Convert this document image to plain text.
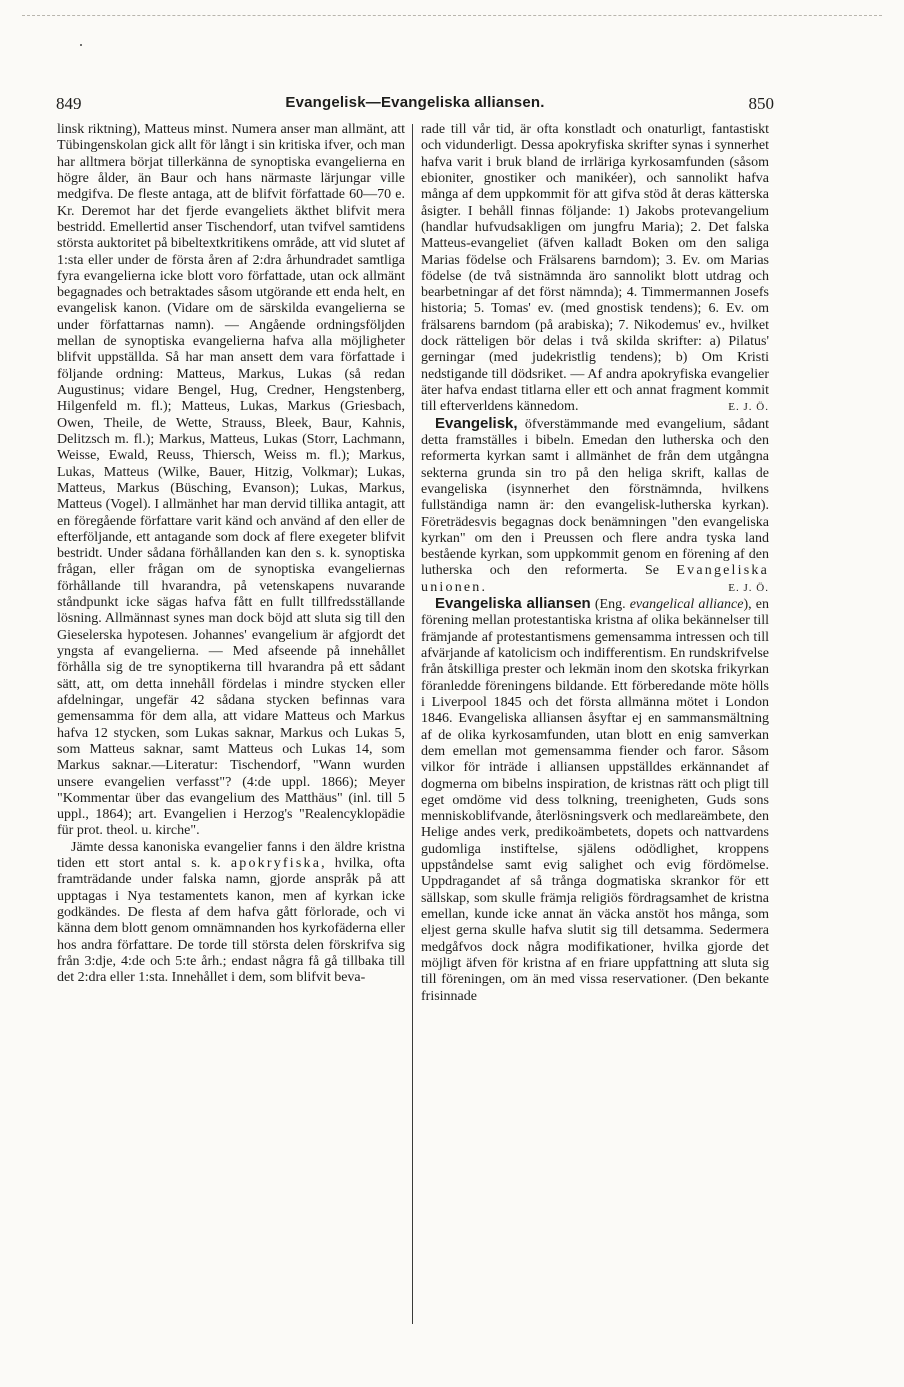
849	Evangelisk—Evangeliska alliansen.	850

linsk riktning), Matteus minst. Numera anser man allmänt, att Tübingenskolan gick allt för långt i sin kritiska ifver, och man har alltmera börjat tillerkänna de synoptiska evangelierna en högre ålder, än Baur och hans närmaste lärjungar ville medgifva. De fleste antaga, att de blifvit författade 60—70 e. Kr. Deremot har det fjerde evangeliets äkthet blifvit mera bestridd. Emellertid anser Tischendorf, utan tvifvel samtidens största auktoritet på bibeltextkritikens område, att vid slutet af 1:sta eller under de första åren af 2:dra århundradet samtliga fyra evangelierna icke blott voro författade, utan ock allmänt begagnades och betraktades såsom utgörande ett enda helt, en evangelisk kanon. (Vidare om de särskilda evangelierna se under författarnas namn). — Angående ordningsföljden mellan de synoptiska evangelierna hafva alla möjligheter blifvit uppställda. Så har man ansett dem vara författade i följande ordning: Matteus, Markus, Lukas (så redan Augustinus; vidare Bengel, Hug, Credner, Hengstenberg, Hilgenfeld m. fl.); Matteus, Lukas, Markus (Griesbach, Owen, Theile, de Wette, Strauss, Bleek, Baur, Kahnis, Delitzsch m. fl.); Markus, Matteus, Lukas (Storr, Lachmann, Weisse, Ewald, Reuss, Thiersch, Weiss m. fl.); Markus, Lukas, Matteus (Wilke, Bauer, Hitzig, Volkmar); Lukas, Matteus, Markus (Büsching, Evanson); Lukas, Markus, Matteus (Vogel). I allmänhet har man dervid tillika antagit, att en föregående författare varit känd och använd af den eller de efterföljande, ett antagande som dock af flere exegeter blifvit bestridt. Under sådana förhållanden kan den s. k. synoptiska frågan, eller frågan om de synoptiska evangeliernas förhållande till hvarandra, på vetenskapens nuvarande ståndpunkt icke sägas hafva fått en fullt tillfredsställande lösning. Allmännast synes man dock böjd att sluta sig till den Gieselerska hypotesen. Johannes' evangelium är afgjordt det yngsta af evangelierna. — Med afseende på innehållet förhålla sig de tre synoptikerna till hvarandra på ett sådant sätt, att, om detta innehåll fördelas i mindre stycken eller afdelningar, ungefär 42 sådana stycken befinnas vara gemensamma för dem alla, att vidare Matteus och Markus hafva 12 stycken, som Lukas saknar, Markus och Lukas 5, som Matteus saknar, samt Matteus och Lukas 14, som Markus saknar.—Literatur: Tischendorf, "Wann wurden unsere evangelien verfasst"? (4:de uppl. 1866); Meyer "Kommentar über das evangelium des Matthäus" (inl. till 5 uppl., 1864); art. Evangelien i Herzog's "Realencyklopädie für prot. theol. u. kirche".

Jämte dessa kanoniska evangelier fanns i den äldre kristna tiden ett stort antal s. k. apokryfiska, hvilka, ofta framträdande under falska namn, gjorde anspråk på att upptagas i Nya testamentets kanon, men af kyrkan icke godkändes. De flesta af dem hafva gått förlorade, och vi känna dem blott genom omnämnanden hos kyrkofäderna eller hos andra författare. De torde till största delen förskrifva sig från 3:dje, 4:de och 5:te årh.; endast några få gå tillbaka till det 2:dra eller 1:sta. Innehållet i dem, som blifvit beva-

rade till vår tid, är ofta konstladt och onaturligt, fantastiskt och vidunderligt. Dessa apokryfiska skrifter synas i synnerhet hafva varit i bruk bland de irrläriga kyrkosamfunden (såsom ebioniter, gnostiker och manikéer), och sannolikt hafva många af dem uppkommit för att gifva stöd åt deras kätterska åsigter. I behåll finnas följande: 1) Jakobs protevangelium (handlar hufvudsakligen om jungfru Maria); 2. Det falska Matteus-evangeliet (äfven kalladt Boken om den saliga Marias födelse och Frälsarens barndom); 3. Ev. om Marias födelse (de två sistnämnda äro sannolikt blott utdrag och bearbetningar af det först nämnda); 4. Timmermannen Josefs historia; 5. Tomas' ev. (med gnostisk tendens); 6. Ev. om frälsarens barndom (på arabiska); 7. Nikodemus' ev., hvilket dock rätteligen bör delas i två skilda skrifter: a) Pilatus' gerningar (med judekristlig tendens); b) Om Kristi nedstigande till dödsriket. — Af andra apokryfiska evangelier äter hafva endast titlarna eller ett och annat fragment kommit till efterverldens kännedom.	E. J. Ö.

Evangelisk, öfverstämmande med evangelium, sådant detta framställes i bibeln. Emedan den lutherska och den reformerta kyrkan samt i allmänhet de från dem utgångna sekterna grunda sin tro på den heliga skrift, kallas de evangeliska (isynnerhet den förstnämnda, hvilkens fullständiga namn är: den evangelisk-lutherska kyrkan). Företrädesvis begagnas dock benämningen "den evangeliska kyrkan" om den i Preussen och flere andra tyska land bestående kyrkan, som uppkommit genom en förening af den lutherska och den reformerta. Se Evangeliska unionen.	E. J. Ö.

Evangeliska alliansen (Eng. evangelical alliance), en förening mellan protestantiska kristna af olika bekännelser till främjande af protestantismens gemensamma intressen och till afvärjande af katolicism och indifferentism. En rundskrifvelse från åtskilliga prester och lekmän inom den skotska frikyrkan föranledde föreningens bildande. Ett förberedande möte hölls i Liverpool 1845 och det första allmänna mötet i London 1846. Evangeliska alliansen åsyftar ej en sammansmältning af de olika kyrkosamfunden, utan blott en enig samverkan dem emellan mot gemensamma fiender och faror. Såsom vilkor för inträde i alliansen uppställdes erkännandet af dogmerna om bibelns inspiration, de kristnas rätt och pligt till eget omdöme vid dess tolkning, treenigheten, Guds sons menniskoblifvande, återlösningsverk och medlareämbete, den Helige andes verk, predikoämbetets, dopets och nattvardens gudomliga instiftelse, själens odödlighet, kroppens uppståndelse samt evig salighet och evig fördömelse. Uppdragandet af så trånga dogmatiska skrankor för ett sällskap, som skulle främja religiös fördragsamhet de kristna emellan, kunde icke annat än väcka anstöt hos många, som eljest gerna skulle hafva slutit sig till detsamma. Sedermera medgåfvos dock några modifikationer, hvilka gjorde det möjligt äfven för kristna af en friare uppfattning att sluta sig till föreningen, om än med vissa reservationer. (Den bekante frisinnade
